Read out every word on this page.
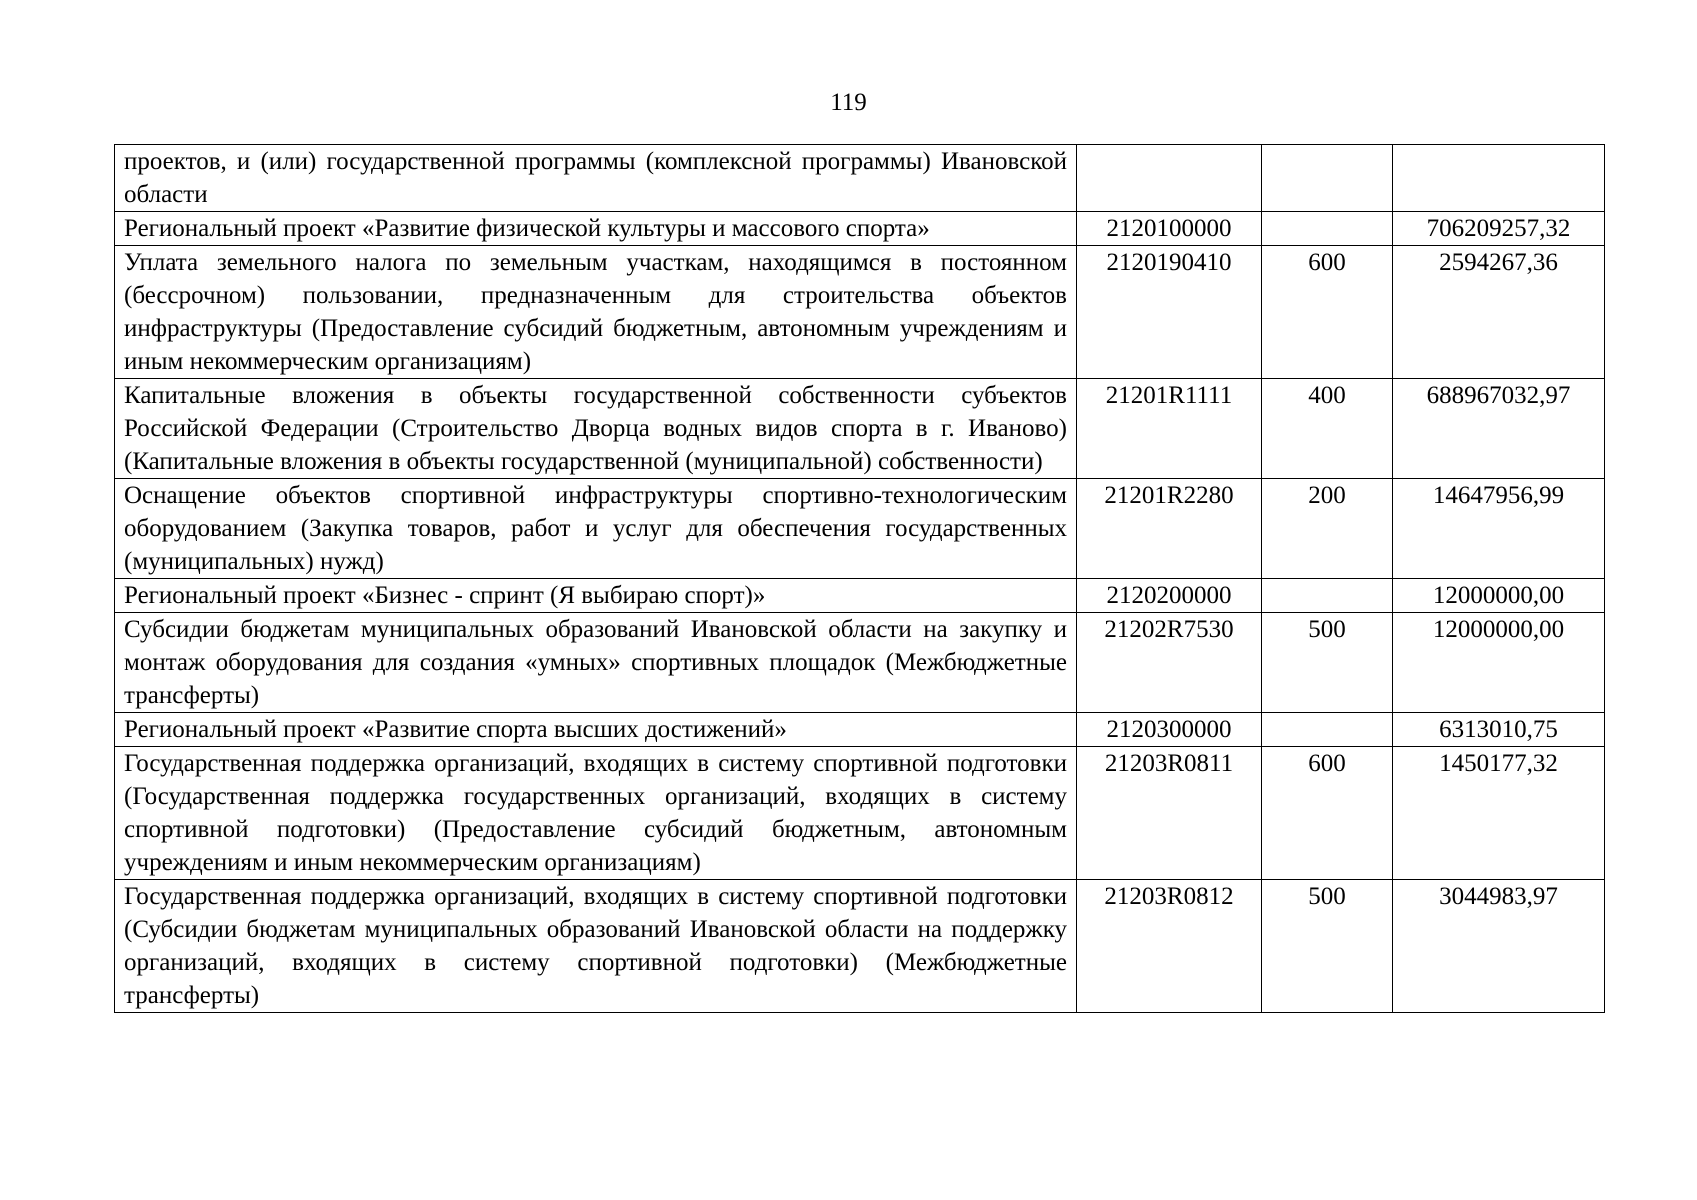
119
проектов, и (или) государственной программы (комплексной программы) Ивановской области			
Региональный проект «Развитие физической культуры и массового спорта»	2120100000		706209257,32
Уплата земельного налога по земельным участкам, находящимся в постоянном (бессрочном) пользовании, предназначенным для строительства объектов инфраструктуры (Предоставление субсидий бюджетным, автономным учреждениям и иным некоммерческим организациям)	2120190410	600	2594267,36
Капитальные вложения в объекты государственной собственности субъектов Российской Федерации (Строительство Дворца водных видов спорта в г. Иваново) (Капитальные вложения в объекты государственной (муниципальной) собственности)	21201R1111	400	688967032,97
Оснащение объектов спортивной инфраструктуры спортивно-технологическим оборудованием (Закупка товаров, работ и услуг для обеспечения государственных (муниципальных) нужд)	21201R2280	200	14647956,99
Региональный проект «Бизнес - спринт (Я выбираю спорт)»	2120200000		12000000,00
Субсидии бюджетам муниципальных образований Ивановской области на закупку и монтаж оборудования для создания «умных» спортивных площадок (Межбюджетные трансферты)	21202R7530	500	12000000,00
Региональный проект «Развитие спорта высших достижений»	2120300000		6313010,75
Государственная поддержка организаций, входящих в систему спортивной подготовки (Государственная поддержка государственных организаций, входящих в систему спортивной подготовки) (Предоставление субсидий бюджетным, автономным учреждениям и иным некоммерческим организациям)	21203R0811	600	1450177,32
Государственная поддержка организаций, входящих в систему спортивной подготовки (Субсидии бюджетам муниципальных образований Ивановской области на поддержку организаций, входящих в систему спортивной подготовки) (Межбюджетные трансферты)	21203R0812	500	3044983,97
